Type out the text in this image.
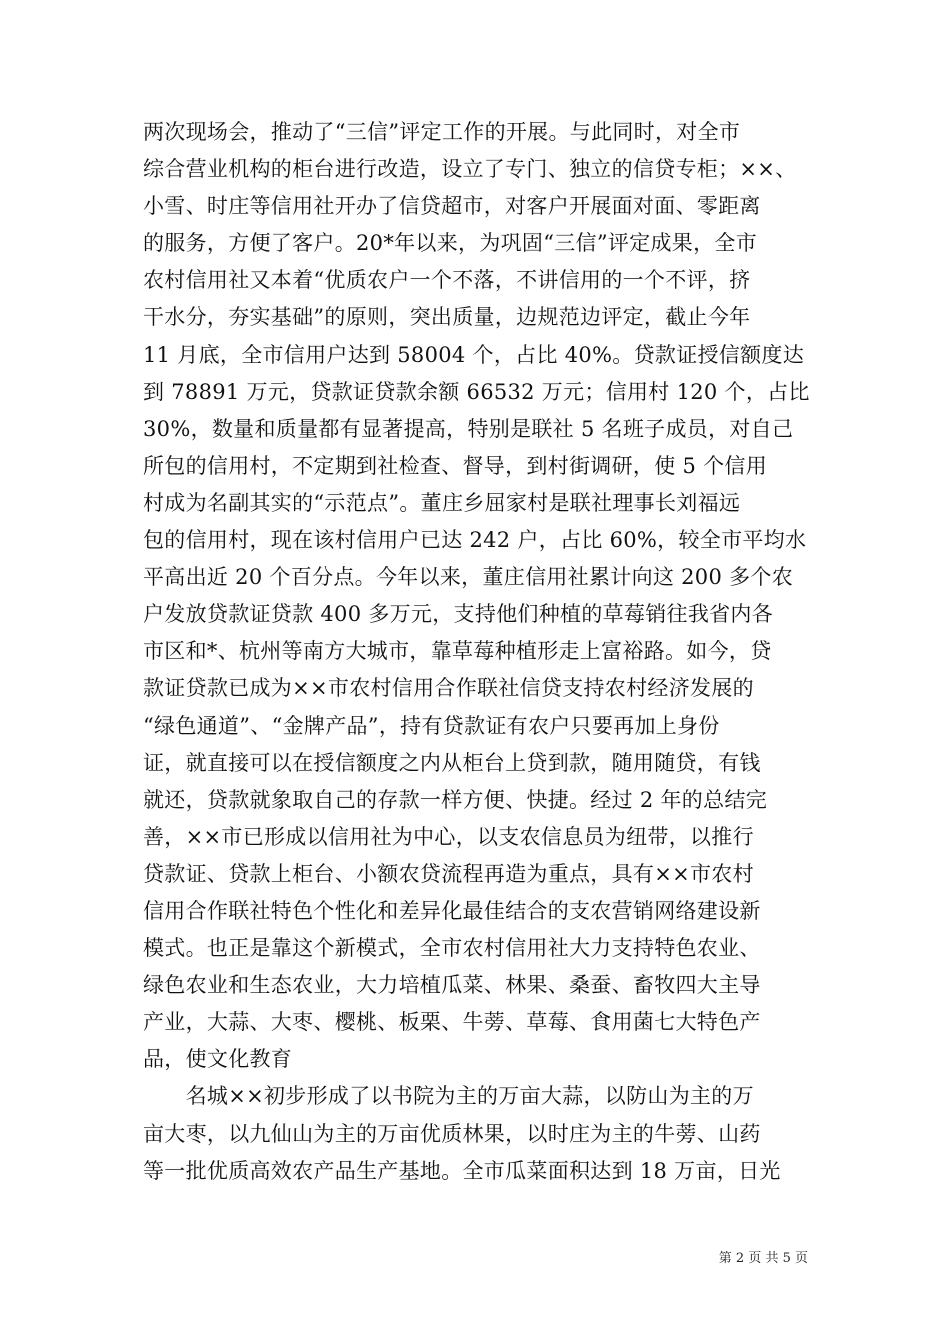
两次现场会，推动了“三信”评定工作的开展。与此同时，对全市
综合营业机构的柜台进行改造，设立了专门、独立的信贷专柜；××、
小雪、时庄等信用社开办了信贷超市，对客户开展面对面、零距离
的服务，方便了客户。20*年以来，为巩固“三信”评定成果，全市
农村信用社又本着“优质农户一个不落，不讲信用的一个不评，挤
干水分，夯实基础”的原则，突出质量，边规范边评定，截止今年
11 月底，全市信用户达到 58004 个，占比 40%。贷款证授信额度达
到 78891 万元，贷款证贷款余额 66532 万元；信用村 120 个，占比
30%，数量和质量都有显著提高，特别是联社 5 名班子成员，对自己
所包的信用村，不定期到社检查、督导，到村街调研，使 5 个信用
村成为名副其实的“示范点”。董庄乡屈家村是联社理事长刘福远
包的信用村，现在该村信用户已达 242 户，占比 60%，较全市平均水
平高出近 20 个百分点。今年以来，董庄信用社累计向这 200 多个农
户发放贷款证贷款 400 多万元，支持他们种植的草莓销往我省内各
市区和*、杭州等南方大城市，靠草莓种植形走上富裕路。如今，贷
款证贷款已成为××市农村信用合作联社信贷支持农村经济发展的
“绿色通道”、“金牌产品”，持有贷款证有农户只要再加上身份
证，就直接可以在授信额度之内从柜台上贷到款，随用随贷，有钱
就还，贷款就象取自己的存款一样方便、快捷。经过 2 年的总结完
善，××市已形成以信用社为中心，以支农信息员为纽带，以推行
贷款证、贷款上柜台、小额农贷流程再造为重点，具有××市农村
信用合作联社特色个性化和差异化最佳结合的支农营销网络建设新
模式。也正是靠这个新模式，全市农村信用社大力支持特色农业、
绿色农业和生态农业，大力培植瓜菜、林果、桑蚕、畜牧四大主导
产业，大蒜、大枣、樱桃、板栗、牛蒡、草莓、食用菌七大特色产
品，使文化教育
　　名城××初步形成了以书院为主的万亩大蒜，以防山为主的万
亩大枣，以九仙山为主的万亩优质林果，以时庄为主的牛蒡、山药
等一批优质高效农产品生产基地。全市瓜菜面积达到 18 万亩，日光
第 2 页 共 5 页
